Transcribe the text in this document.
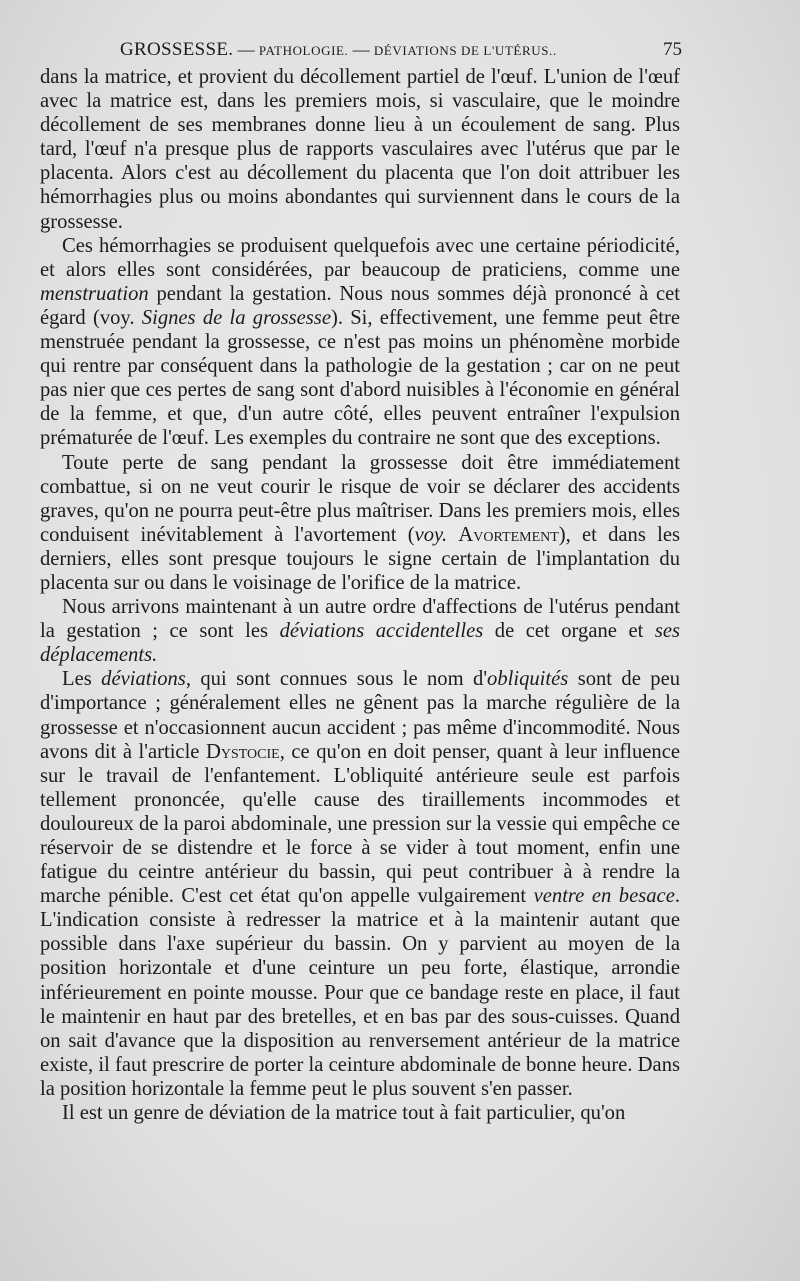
GROSSESSE. — PATHOLOGIE. — DÉVIATIONS DE L'UTÉRUS..	75

dans la matrice, et provient du décollement partiel de l'œuf. L'union de l'œuf avec la matrice est, dans les premiers mois, si vasculaire, que le moindre décollement de ses membranes donne lieu à un écoulement de sang. Plus tard, l'œuf n'a presque plus de rapports vasculaires avec l'utérus que par le placenta. Alors c'est au décollement du placenta que l'on doit attribuer les hémorrhagies plus ou moins abondantes qui surviennent dans le cours de la grossesse.

Ces hémorrhagies se produisent quelquefois avec une certaine périodicité, et alors elles sont considérées, par beaucoup de praticiens, comme une menstruation pendant la gestation. Nous nous sommes déjà prononcé à cet égard (voy. Signes de la grossesse). Si, effectivement, une femme peut être menstruée pendant la grossesse, ce n'est pas moins un phénomène morbide qui rentre par conséquent dans la pathologie de la gestation ; car on ne peut pas nier que ces pertes de sang sont d'abord nuisibles à l'économie en général de la femme, et que, d'un autre côté, elles peuvent entraîner l'expulsion prématurée de l'œuf. Les exemples du contraire ne sont que des exceptions.

Toute perte de sang pendant la grossesse doit être immédiatement combattue, si on ne veut courir le risque de voir se déclarer des accidents graves, qu'on ne pourra peut-être plus maîtriser. Dans les premiers mois, elles conduisent inévitablement à l'avortement (voy. Avortement), et dans les derniers, elles sont presque toujours le signe certain de l'implantation du placenta sur ou dans le voisinage de l'orifice de la matrice.

Nous arrivons maintenant à un autre ordre d'affections de l'utérus pendant la gestation ; ce sont les déviations accidentelles de cet organe et ses déplacements.

Les déviations, qui sont connues sous le nom d'obliquités sont de peu d'importance ; généralement elles ne gênent pas la marche régulière de la grossesse et n'occasionnent aucun accident ; pas même d'incommodité. Nous avons dit à l'article Dystocie, ce qu'on en doit penser, quant à leur influence sur le travail de l'enfantement. L'obliquité antérieure seule est parfois tellement prononcée, qu'elle cause des tiraillements incommodes et douloureux de la paroi abdominale, une pression sur la vessie qui empêche ce réservoir de se distendre et le force à se vider à tout moment, enfin une fatigue du ceintre antérieur du bassin, qui peut contribuer à à rendre la marche pénible. C'est cet état qu'on appelle vulgairement ventre en besace. L'indication consiste à redresser la matrice et à la maintenir autant que possible dans l'axe supérieur du bassin. On y parvient au moyen de la position horizontale et d'une ceinture un peu forte, élastique, arrondie inférieurement en pointe mousse. Pour que ce bandage reste en place, il faut le maintenir en haut par des bretelles, et en bas par des sous-cuisses. Quand on sait d'avance que la disposition au renversement antérieur de la matrice existe, il faut prescrire de porter la ceinture abdominale de bonne heure. Dans la position horizontale la femme peut le plus souvent s'en passer.

Il est un genre de déviation de la matrice tout à fait particulier, qu'on
